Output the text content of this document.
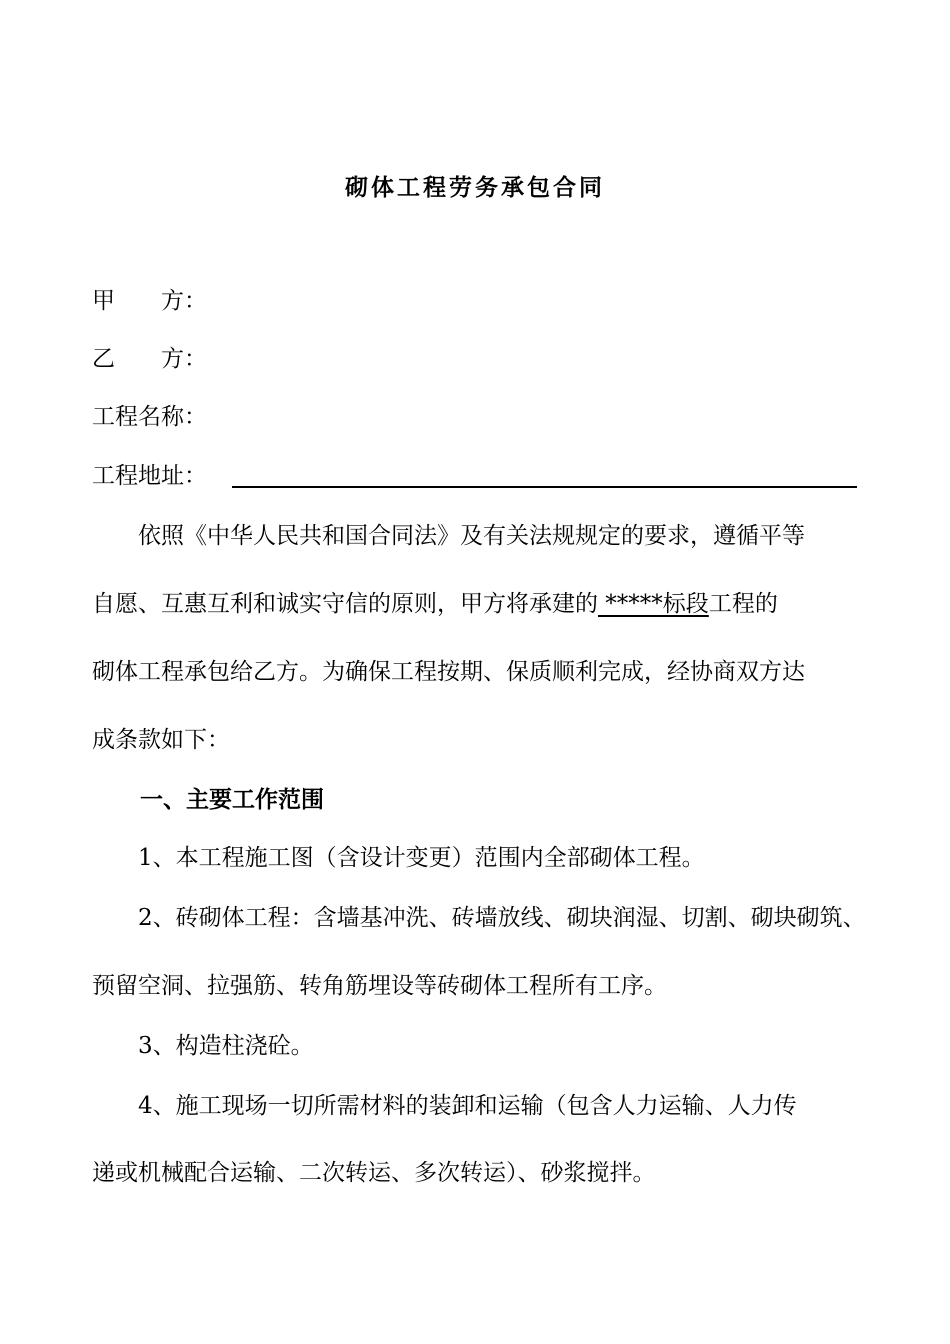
砌体工程劳务承包合同
甲　　方：
乙　　方：
工程名称：
工程地址：
依照《中华人民共和国合同法》及有关法规规定的要求，遵循平等
自愿、互惠互利和诚实守信的原则，甲方将承建的 *****标段工程的
砌体工程承包给乙方。为确保工程按期、保质顺利完成，经协商双方达
成条款如下：
一、主要工作范围
1、本工程施工图（含设计变更）范围内全部砌体工程。
2、砖砌体工程：含墙基冲洗、砖墙放线、砌块润湿、切割、砌块砌筑、
预留空洞、拉强筋、转角筋埋设等砖砌体工程所有工序。
3、构造柱浇砼。
4、施工现场一切所需材料的装卸和运输（包含人力运输、人力传
递或机械配合运输、二次转运、多次转运）、砂浆搅拌。
